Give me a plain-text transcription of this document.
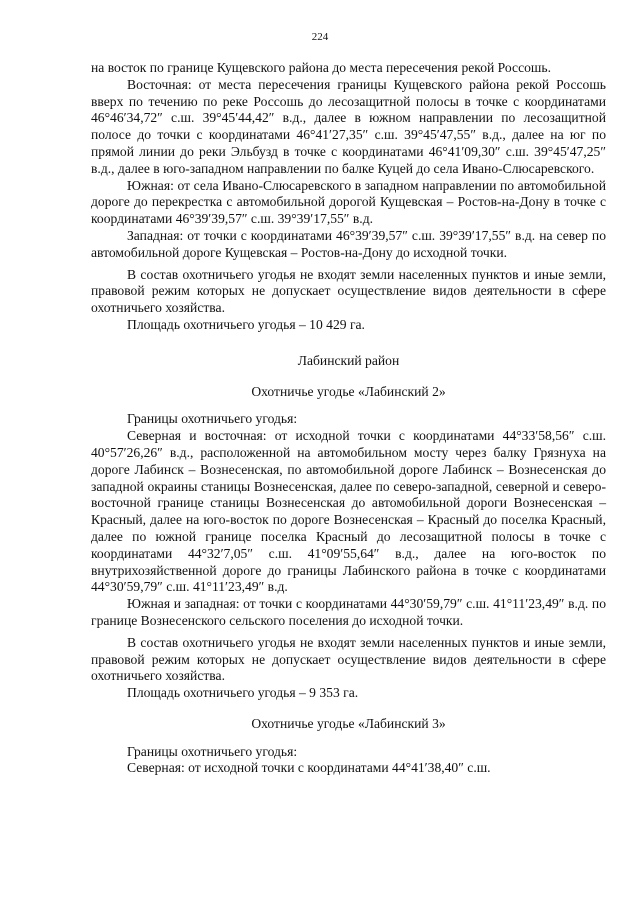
224

на восток по границе Кущевского района до места пересечения рекой Россошь.

Восточная: от места пересечения границы Кущевского района рекой Россошь вверх по течению по реке Россошь до лесозащитной полосы в точке с координатами 46°46′34,72″ с.ш. 39°45′44,42″ в.д., далее в южном направлении по лесозащитной полосе до точки с координатами 46°41′27,35″ с.ш. 39°45′47,55″ в.д., далее на юг по прямой линии до реки Эльбузд в точке с координатами 46°41′09,30″ с.ш. 39°45′47,25″ в.д., далее в юго-западном направлении по балке Куцей до села Ивано-Слюсаревского.

Южная: от села Ивано-Слюсаревского в западном направлении по автомобильной дороге до перекрестка с автомобильной дорогой Кущевская – Ростов-на-Дону в точке с координатами 46°39′39,57″ с.ш. 39°39′17,55″ в.д.

Западная: от точки с координатами 46°39′39,57″ с.ш. 39°39′17,55″ в.д. на север по автомобильной дороге Кущевская – Ростов-на-Дону до исходной точки.

В состав охотничьего угодья не входят земли населенных пунктов и иные земли, правовой режим которых не допускает осуществление видов деятельности в сфере охотничьего хозяйства.

Площадь охотничьего угодья – 10 429 га.

Лабинский район
Охотничье угодье «Лабинский 2»

Границы охотничьего угодья:

Северная и восточная: от исходной точки с координатами 44°33′58,56″ с.ш. 40°57′26,26″ в.д., расположенной на автомобильном мосту через балку Грязнуха на дороге Лабинск – Вознесенская, по автомобильной дороге Лабинск – Вознесенская до западной окраины станицы Вознесенская, далее по северо-западной, северной и северо-восточной границе станицы Вознесенская до автомобильной дороги Вознесенская – Красный, далее на юго-восток по дороге Вознесенская – Красный до поселка Красный, далее по южной границе поселка Красный до лесозащитной полосы в точке с координатами 44°32′7,05″ с.ш. 41°09′55,64″ в.д., далее на юго-восток по внутрихозяйственной дороге до границы Лабинского района в точке с координатами 44°30′59,79″ с.ш. 41°11′23,49″ в.д.

Южная и западная: от точки с координатами 44°30′59,79″ с.ш. 41°11′23,49″ в.д. по границе Вознесенского сельского поселения до исходной точки.

В состав охотничьего угодья не входят земли населенных пунктов и иные земли, правовой режим которых не допускает осуществление видов деятельности в сфере охотничьего хозяйства.

Площадь охотничьего угодья – 9 353 га.

Охотничье угодье «Лабинский 3»

Границы охотничьего угодья:

Северная: от исходной точки с координатами 44°41′38,40″ с.ш.
